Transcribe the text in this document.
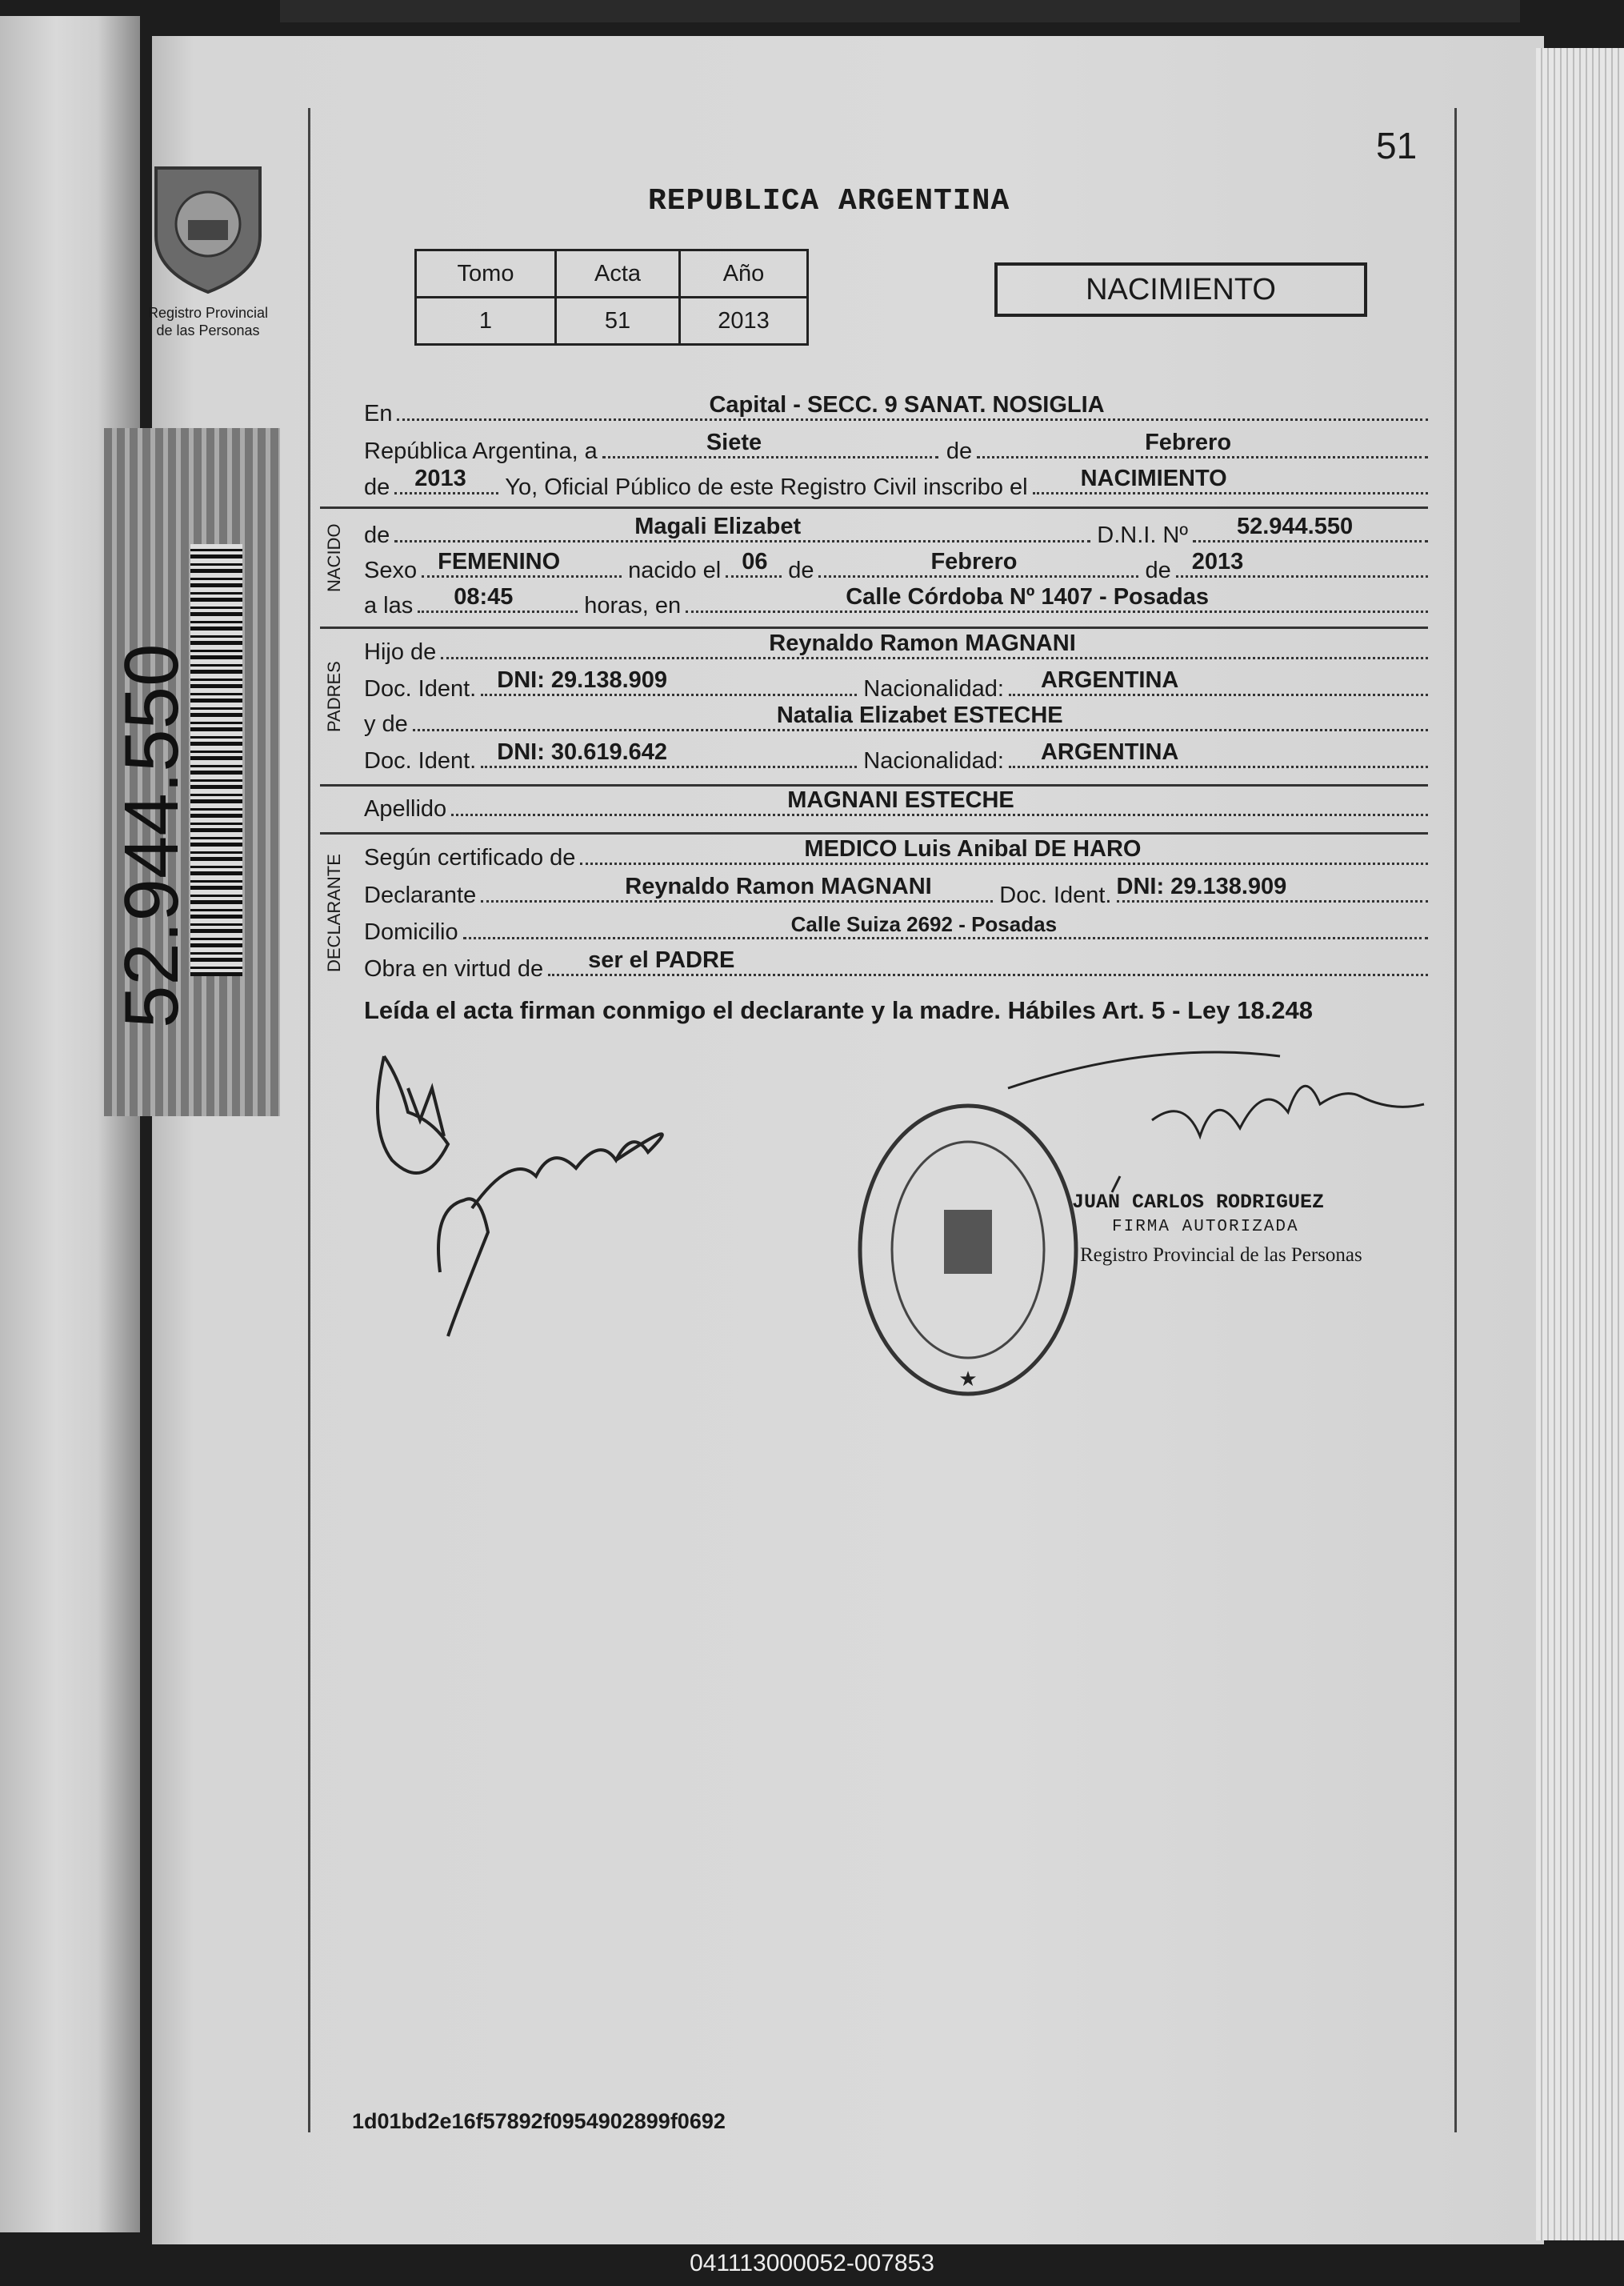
Registro Provincial
de las Personas
52.944.550
51
REPUBLICA ARGENTINA
Tomo	Acta	Año
1	51	2013
NACIMIENTO
En	Capital - SECC. 9 SANAT. NOSIGLIA
República Argentina, a	Siete	de	Febrero
de 2013 Yo, Oficial Público de este Registro Civil inscribo el NACIMIENTO
NACIDO de	Magali Elizabet	D.N.I. Nº 52.944.550
Sexo FEMENINO	nacido el 06 de	Febrero	de 2013
a las 08:45	horas, en	Calle Córdoba Nº 1407 - Posadas
PADRES
Hijo de	Reynaldo Ramon MAGNANI
Doc. Ident. DNI: 29.138.909	Nacionalidad: ARGENTINA
y de	Natalia Elizabet ESTECHE
Doc. Ident. DNI: 30.619.642	Nacionalidad: ARGENTINA
Apellido	MAGNANI ESTECHE
DECLARANTE Según certificado de	MEDICO Luis Anibal DE HARO
Declarante	Reynaldo Ramon MAGNANI	Doc. Ident. DNI: 29.138.909
Domicilio	Calle Suiza 2692 - Posadas
Obra en virtud de ser el PADRE
Leída el acta firman conmigo el declarante y la madre. Hábiles Art. 5 - Ley 18.248
★
JUAN CARLOS RODRIGUEZ
FIRMA AUTORIZADA
Registro Provincial de las Personas
1d01bd2e16f57892f0954902899f0692
041113000052-007853
